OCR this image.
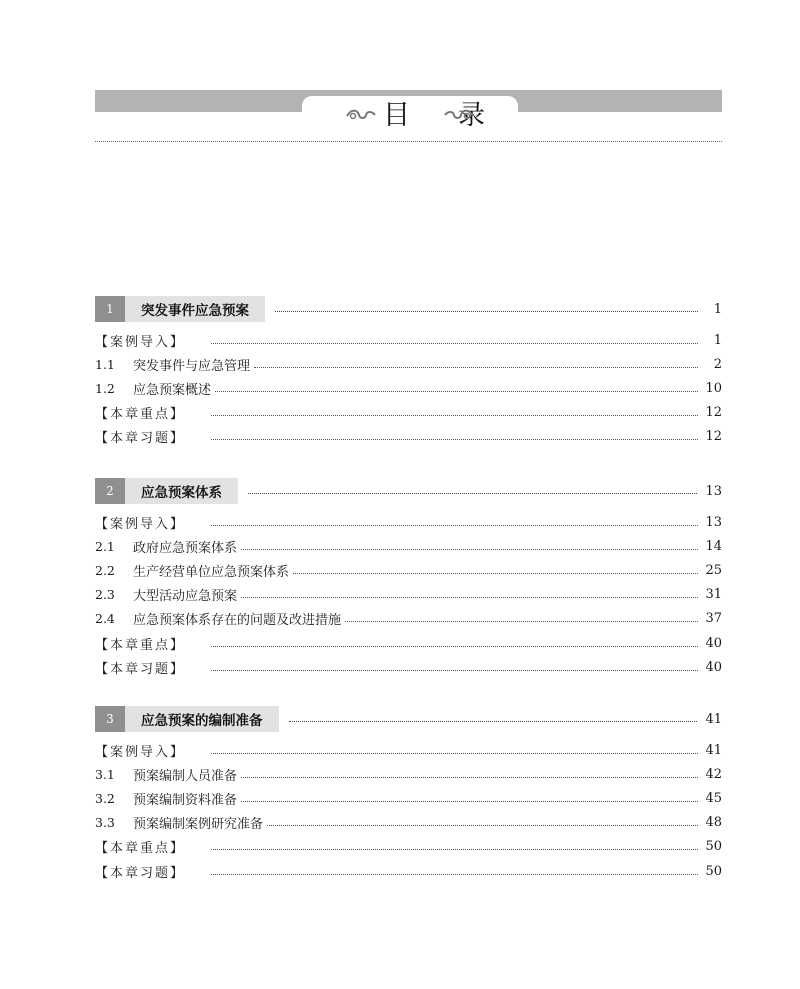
目录
1	突发事件应急预案	1
【案例导入】	1
1.1	突发事件与应急管理	2
1.2	应急预案概述	10
【本章重点】	12
【本章习题】	12
2	应急预案体系	13
【案例导入】	13
2.1	政府应急预案体系	14
2.2	生产经营单位应急预案体系	25
2.3	大型活动应急预案	31
2.4	应急预案体系存在的问题及改进措施	37
【本章重点】	40
【本章习题】	40
3	应急预案的编制准备	41
【案例导入】	41
3.1	预案编制人员准备	42
3.2	预案编制资料准备	45
3.3	预案编制案例研究准备	48
【本章重点】	50
【本章习题】	50
